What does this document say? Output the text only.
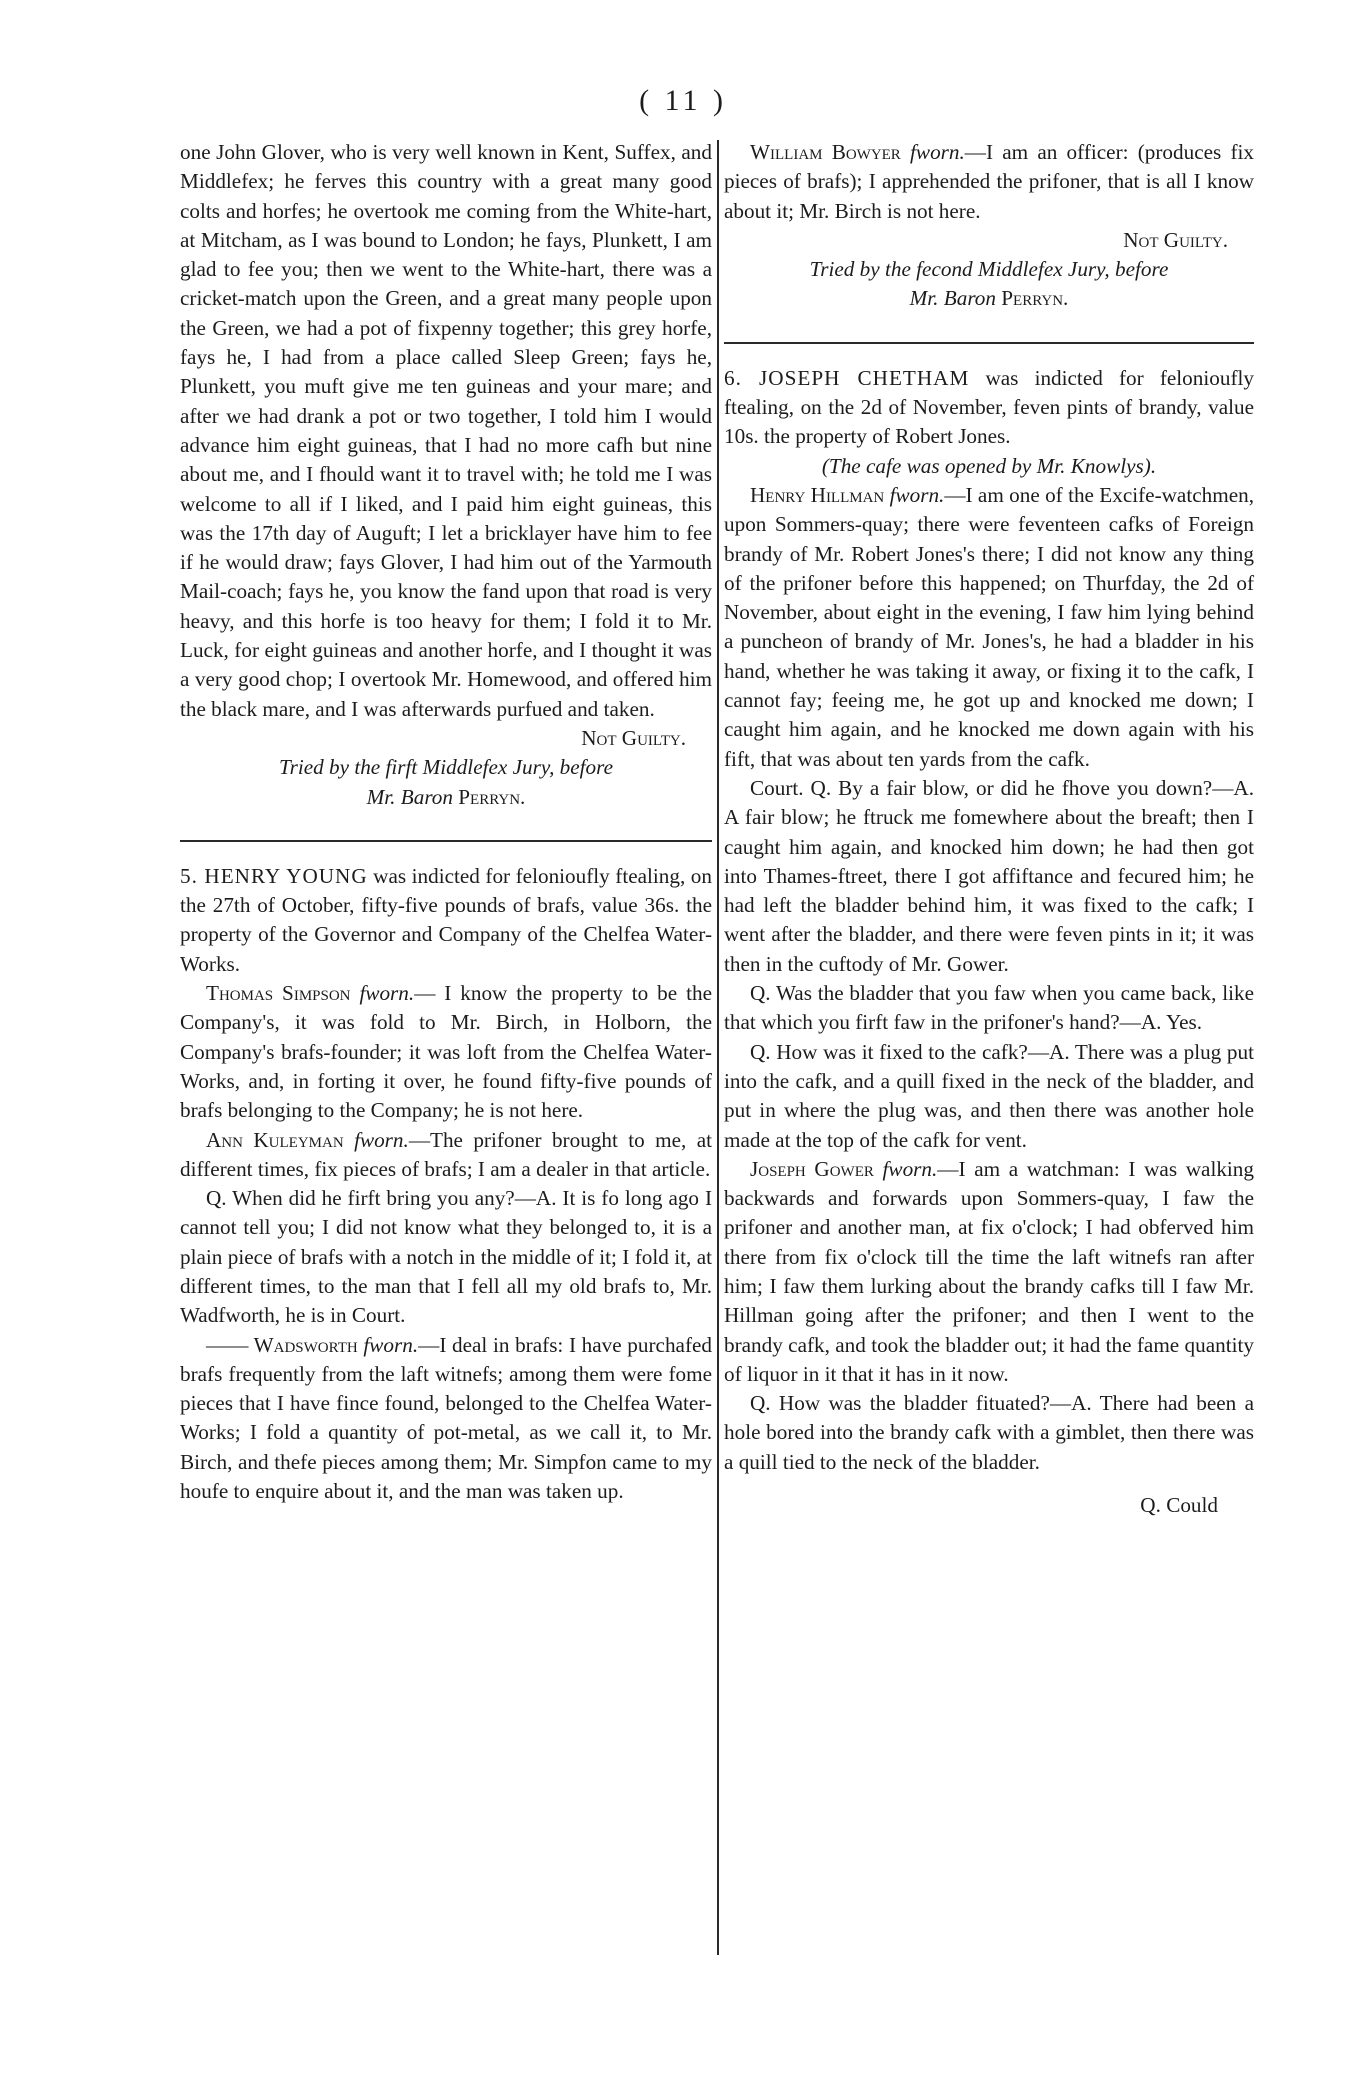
( 11 )

one John Glover, who is very well known in Kent, Suffex, and Middlefex; he ferves this country with a great many good colts and horfes; he overtook me coming from the White-hart, at Mitcham, as I was bound to London; he fays, Plunkett, I am glad to fee you; then we went to the White-hart, there was a cricket-match upon the Green, and a great many people upon the Green, we had a pot of fixpenny together; this grey horfe, fays he, I had from a place called Sleep Green; fays he, Plunkett, you muft give me ten guineas and your mare; and after we had drank a pot or two together, I told him I would advance him eight guineas, that I had no more cafh but nine about me, and I fhould want it to travel with; he told me I was welcome to all if I liked, and I paid him eight guineas, this was the 17th day of Auguft; I let a bricklayer have him to fee if he would draw; fays Glover, I had him out of the Yarmouth Mail-coach; fays he, you know the fand upon that road is very heavy, and this horfe is too heavy for them; I fold it to Mr. Luck, for eight guineas and another horfe, and I thought it was a very good chop; I overtook Mr. Homewood, and offered him the black mare, and I was afterwards purfued and taken.

Not Guilty.

Tried by the firft Middlefex Jury, before
Mr. Baron Perryn.

5. HENRY YOUNG was indicted for felonioufly ftealing, on the 27th of October, fifty-five pounds of brafs, value 36s. the property of the Governor and Company of the Chelfea Water-Works.

Thomas Simpson fworn.— I know the property to be the Company's, it was fold to Mr. Birch, in Holborn, the Company's brafs-founder; it was loft from the Chelfea Water-Works, and, in forting it over, he found fifty-five pounds of brafs belonging to the Company; he is not here.

Ann Kuleyman fworn.—The prifoner brought to me, at different times, fix pieces of brafs; I am a dealer in that article.

Q. When did he firft bring you any?—A. It is fo long ago I cannot tell you; I did not know what they belonged to, it is a plain piece of brafs with a notch in the middle of it; I fold it, at different times, to the man that I fell all my old brafs to, Mr. Wadfworth, he is in Court.

—— Wadsworth fworn.—I deal in brafs: I have purchafed brafs frequently from the laft witnefs; among them were fome pieces that I have fince found, belonged to the Chelfea Water-Works; I fold a quantity of pot-metal, as we call it, to Mr. Birch, and thefe pieces among them; Mr. Simpfon came to my houfe to enquire about it, and the man was taken up.

William Bowyer fworn.—I am an officer: (produces fix pieces of brafs); I apprehended the prifoner, that is all I know about it; Mr. Birch is not here.

Not Guilty.

Tried by the fecond Middlefex Jury, before
Mr. Baron Perryn.

6. JOSEPH CHETHAM was indicted for felonioufly ftealing, on the 2d of November, feven pints of brandy, value 10s. the property of Robert Jones.

(The cafe was opened by Mr. Knowlys).

Henry Hillman fworn.—I am one of the Excife-watchmen, upon Sommers-quay; there were feventeen cafks of Foreign brandy of Mr. Robert Jones's there; I did not know any thing of the prifoner before this happened; on Thurfday, the 2d of November, about eight in the evening, I faw him lying behind a puncheon of brandy of Mr. Jones's, he had a bladder in his hand, whether he was taking it away, or fixing it to the cafk, I cannot fay; feeing me, he got up and knocked me down; I caught him again, and he knocked me down again with his fift, that was about ten yards from the cafk.

Court. Q. By a fair blow, or did he fhove you down?—A. A fair blow; he ftruck me fomewhere about the breaft; then I caught him again, and knocked him down; he had then got into Thames-ftreet, there I got affiftance and fecured him; he had left the bladder behind him, it was fixed to the cafk; I went after the bladder, and there were feven pints in it; it was then in the cuftody of Mr. Gower.

Q. Was the bladder that you faw when you came back, like that which you firft faw in the prifoner's hand?—A. Yes.

Q. How was it fixed to the cafk?—A. There was a plug put into the cafk, and a quill fixed in the neck of the bladder, and put in where the plug was, and then there was another hole made at the top of the cafk for vent.

Joseph Gower fworn.—I am a watchman: I was walking backwards and forwards upon Sommers-quay, I faw the prifoner and another man, at fix o'clock; I had obferved him there from fix o'clock till the time the laft witnefs ran after him; I faw them lurking about the brandy cafks till I faw Mr. Hillman going after the prifoner; and then I went to the brandy cafk, and took the bladder out; it had the fame quantity of liquor in it that it has in it now.

Q. How was the bladder fituated?—A. There had been a hole bored into the brandy cafk with a gimblet, then there was a quill tied to the neck of the bladder.

Q. Could
